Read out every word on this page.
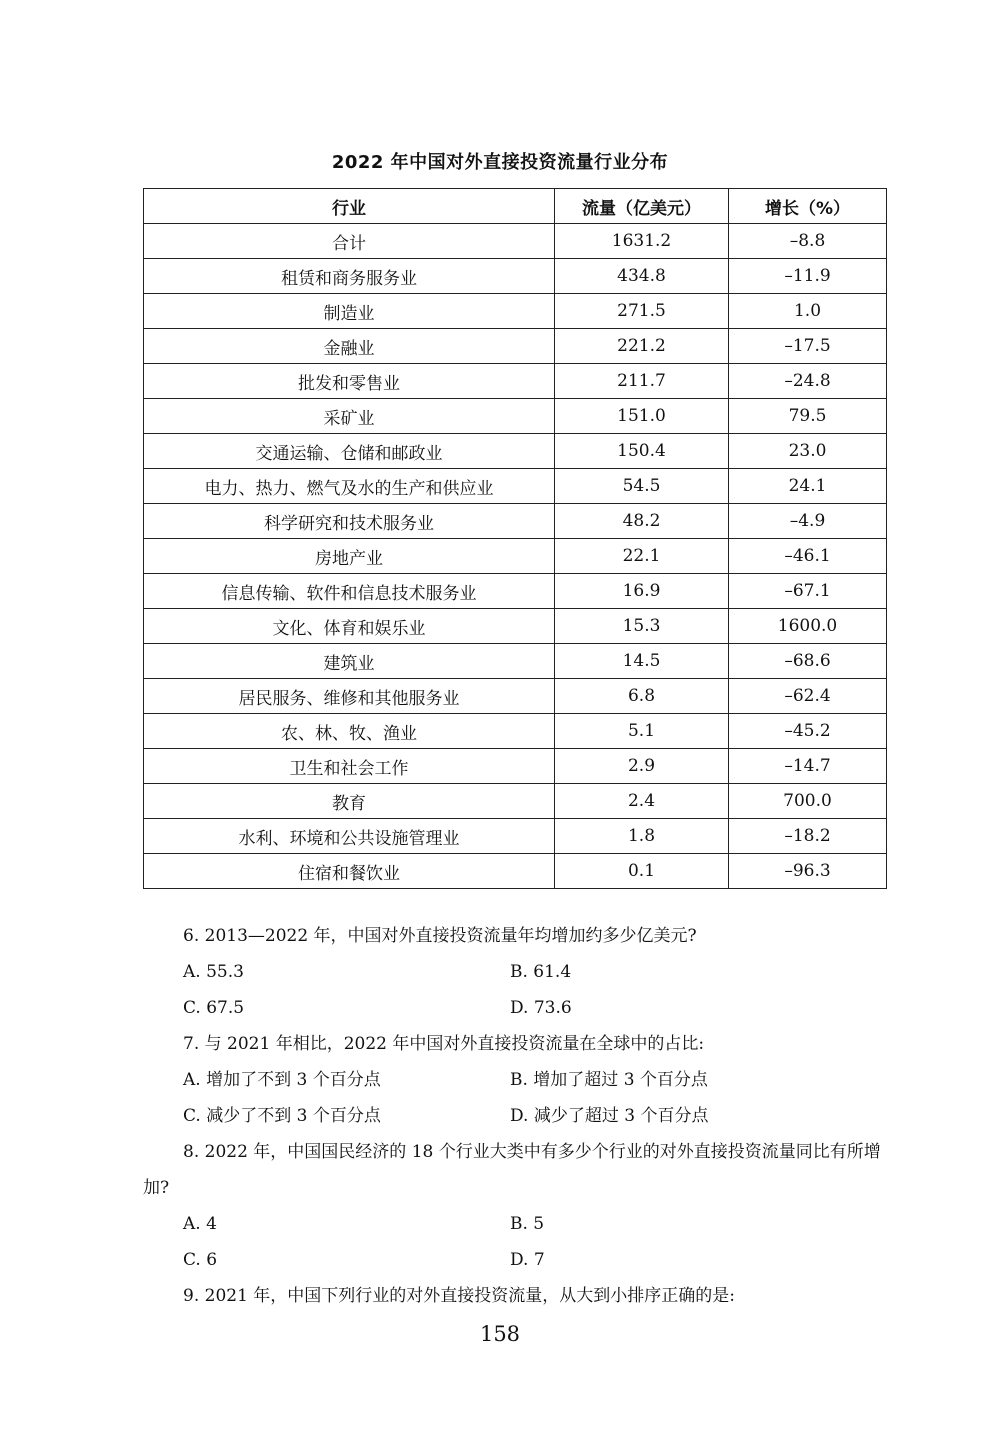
2022 年中国对外直接投资流量行业分布
行业	流量（亿美元）	增长（%）
合计	1631.2	–8.8
租赁和商务服务业	434.8	–11.9
制造业	271.5	1.0
金融业	221.2	–17.5
批发和零售业	211.7	–24.8
采矿业	151.0	79.5
交通运输、仓储和邮政业	150.4	23.0
电力、热力、燃气及水的生产和供应业	54.5	24.1
科学研究和技术服务业	48.2	–4.9
房地产业	22.1	–46.1
信息传输、软件和信息技术服务业	16.9	–67.1
文化、体育和娱乐业	15.3	1600.0
建筑业	14.5	–68.6
居民服务、维修和其他服务业	6.8	–62.4
农、林、牧、渔业	5.1	–45.2
卫生和社会工作	2.9	–14.7
教育	2.4	700.0
水利、环境和公共设施管理业	1.8	–18.2
住宿和餐饮业	0.1	–96.3

6. 2013—2022 年，中国对外直接投资流量年均增加约多少亿美元?

A. 55.3	B. 61.4
C. 67.5	D. 73.6

7. 与 2021 年相比，2022 年中国对外直接投资流量在全球中的占比:

A. 增加了不到 3 个百分点	B. 增加了超过 3 个百分点
C. 减少了不到 3 个百分点	D. 减少了超过 3 个百分点

8. 2022 年，中国国民经济的 18 个行业大类中有多少个行业的对外直接投资流量同比有所增加?

A. 4	B. 5
C. 6	D. 7

9. 2021 年，中国下列行业的对外直接投资流量，从大到小排序正确的是:

158
